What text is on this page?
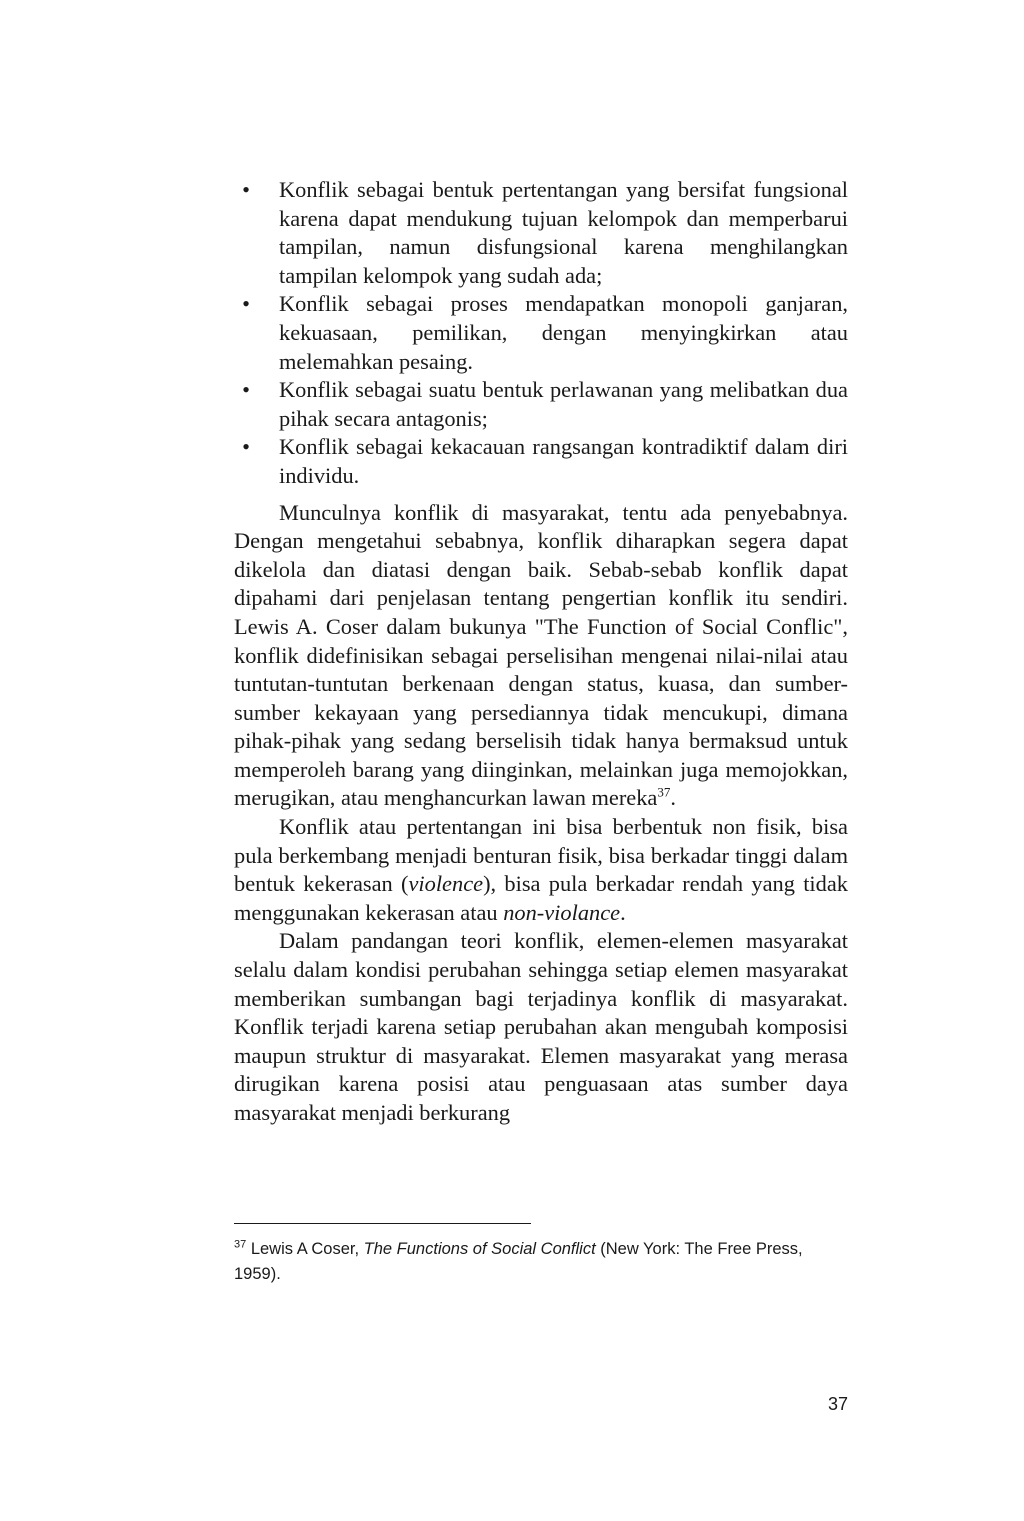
• Konflik sebagai bentuk pertentangan yang bersifat fungsional karena dapat mendukung tujuan kelompok dan memperbarui tampilan, namun disfungsional karena menghilangkan tampilan kelompok yang sudah ada;
• Konflik sebagai proses mendapatkan monopoli ganjaran, kekuasaan, pemilikan, dengan menyingkirkan atau melemahkan pesaing.
• Konflik sebagai suatu bentuk perlawanan yang melibatkan dua pihak secara antagonis;
• Konflik sebagai kekacauan rangsangan kontradiktif dalam diri individu.

Munculnya konflik di masyarakat, tentu ada penyebabnya. Dengan mengetahui sebabnya, konflik diharapkan segera dapat dikelola dan diatasi dengan baik. Sebab-sebab konflik dapat dipahami dari penjelasan tentang pengertian konflik itu sendiri. Lewis A. Coser dalam bukunya "The Function of Social Conflic", konflik didefinisikan sebagai perselisihan mengenai nilai-nilai atau tuntutan-tuntutan berkenaan dengan status, kuasa, dan sumber-sumber kekayaan yang persediannya tidak mencukupi, dimana pihak-pihak yang sedang berselisih tidak hanya bermaksud untuk memperoleh barang yang diinginkan, melainkan juga memojokkan, merugikan, atau menghancurkan lawan mereka$^{37}$.

Konflik atau pertentangan ini bisa berbentuk non fisik, bisa pula berkembang menjadi benturan fisik, bisa berkadar tinggi dalam bentuk kekerasan (violence), bisa pula berkadar rendah yang tidak menggunakan kekerasan atau non-violance.

Dalam pandangan teori konflik, elemen-elemen masyarakat selalu dalam kondisi perubahan sehingga setiap elemen masyarakat memberikan sumbangan bagi terjadinya konflik di masyarakat. Konflik terjadi karena setiap perubahan akan mengubah komposisi maupun struktur di masyarakat. Elemen masyarakat yang merasa dirugikan karena posisi atau penguasaan atas sumber daya masyarakat menjadi berkurang

$^{37}$ Lewis A Coser, The Functions of Social Conflict (New York: The Free Press, 1959).

37
